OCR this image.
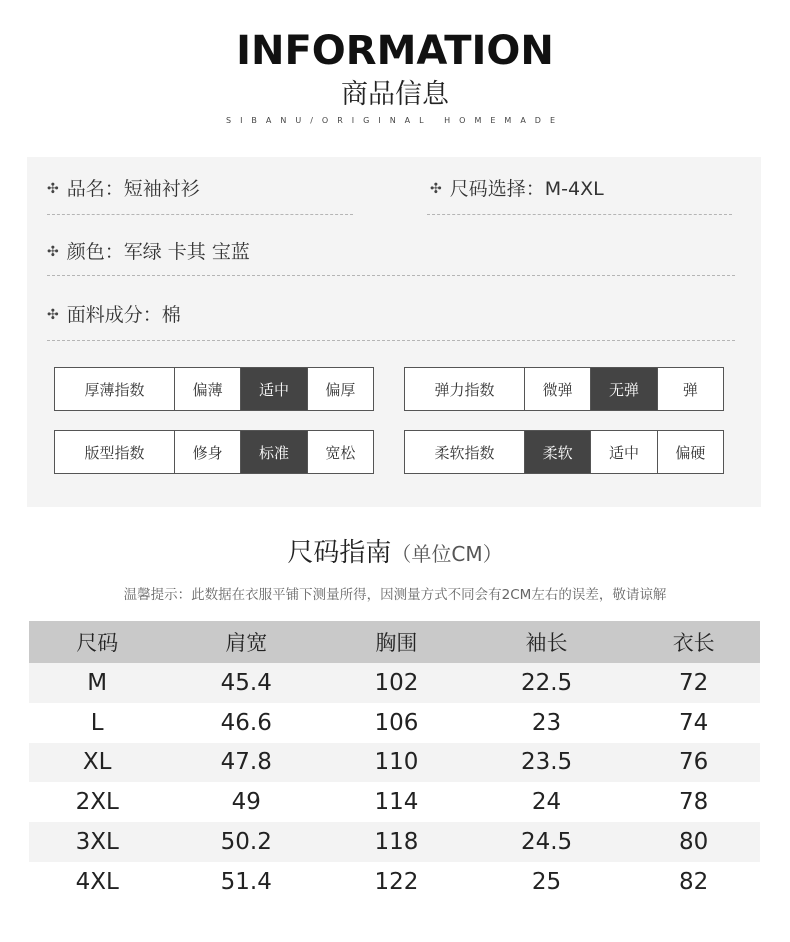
INFORMATION
商品信息
SIBANU/ORIGINAL HOMEMADE
✣ 品名：短袖衬衫	✣ 尺码选择：M-4XL
✣ 颜色：军绿 卡其 宝蓝
✣ 面料成分：棉
厚薄指数	偏薄	适中	偏厚	弹力指数	微弹	无弹	弹
版型指数	修身	标准	宽松	柔软指数	柔软	适中	偏硬
尺码指南（单位CM）
温馨提示：此数据在衣服平铺下测量所得，因测量方式不同会有2CM左右的误差，敬请谅解
尺码	肩宽	胸围	袖长	衣长
M	45.4	102	22.5	72
L	46.6	106	23	74
XL	47.8	110	23.5	76
2XL	49	114	24	78
3XL	50.2	118	24.5	80
4XL	51.4	122	25	82
